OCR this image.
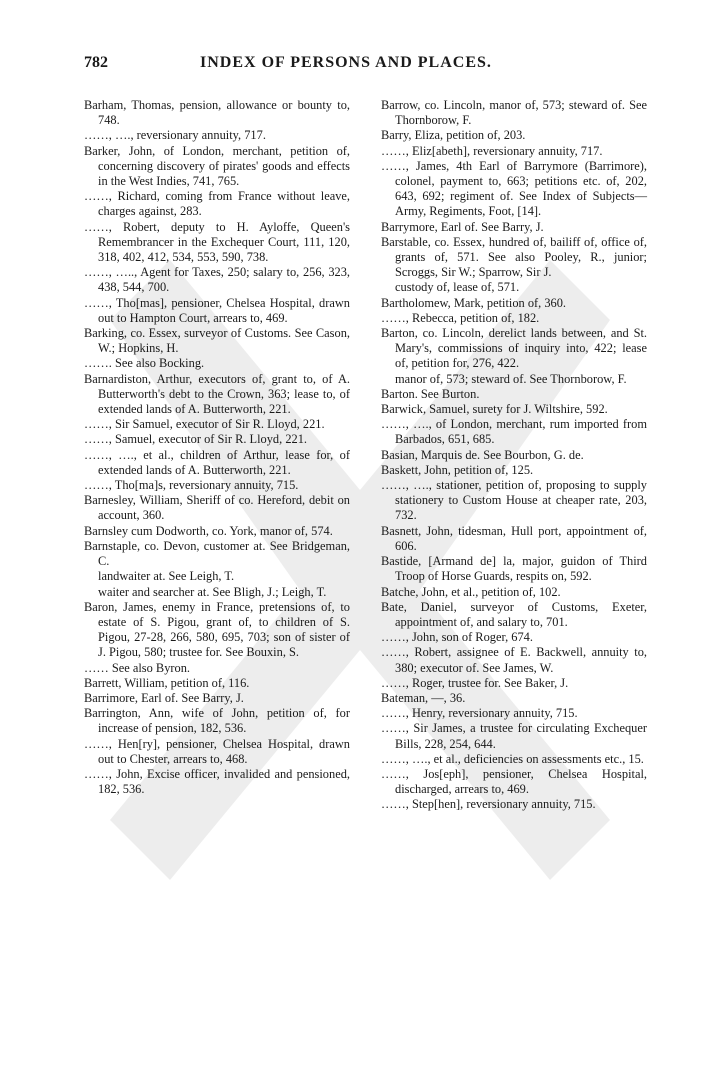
782	INDEX OF PERSONS AND PLACES.

Barham, Thomas, pension, allowance or bounty to, 748.

……, …., reversionary annuity, 717.

Barker, John, of London, merchant, petition of, concerning discovery of pirates' goods and effects in the West Indies, 741, 765.

……, Richard, coming from France without leave, charges against, 283.

……, Robert, deputy to H. Ayloffe, Queen's Remembrancer in the Exchequer Court, 111, 120, 318, 402, 412, 534, 553, 590, 738.

……, ….., Agent for Taxes, 250; salary to, 256, 323, 438, 544, 700.

……, Tho[mas], pensioner, Chelsea Hospital, drawn out to Hampton Court, arrears to, 469.

Barking, co. Essex, surveyor of Customs. See Cason, W.; Hopkins, H.

……. See also Bocking.

Barnardiston, Arthur, executors of, grant to, of A. Butterworth's debt to the Crown, 363; lease to, of extended lands of A. Butterworth, 221.

……, Sir Samuel, executor of Sir R. Lloyd, 221.

……, Samuel, executor of Sir R. Lloyd, 221.

……, …., et al., children of Arthur, lease for, of extended lands of A. Butterworth, 221.

……, Tho[ma]s, reversionary annuity, 715.

Barnesley, William, Sheriff of co. Hereford, debit on account, 360.

Barnsley cum Dodworth, co. York, manor of, 574.

Barnstaple, co. Devon, customer at. See Bridgeman, C.

landwaiter at. See Leigh, T.

waiter and searcher at. See Bligh, J.; Leigh, T.

Baron, James, enemy in France, pretensions of, to estate of S. Pigou, grant of, to children of S. Pigou, 27-28, 266, 580, 695, 703; son of sister of J. Pigou, 580; trustee for. See Bouxin, S.

…… See also Byron.

Barrett, William, petition of, 116.

Barrimore, Earl of. See Barry, J.

Barrington, Ann, wife of John, petition of, for increase of pension, 182, 536.

……, Hen[ry], pensioner, Chelsea Hospital, drawn out to Chester, arrears to, 468.

……, John, Excise officer, invalided and pensioned, 182, 536.

Barrow, co. Lincoln, manor of, 573; steward of. See Thornborow, F.

Barry, Eliza, petition of, 203.

……, Eliz[abeth], reversionary annuity, 717.

……, James, 4th Earl of Barrymore (Barrimore), colonel, payment to, 663; petitions etc. of, 202, 643, 692; regiment of. See Index of Subjects—Army, Regiments, Foot, [14].

Barrymore, Earl of. See Barry, J.

Barstable, co. Essex, hundred of, bailiff of, office of, grants of, 571. See also Pooley, R., junior; Scroggs, Sir W.; Sparrow, Sir J.

custody of, lease of, 571.

Bartholomew, Mark, petition of, 360.

……, Rebecca, petition of, 182.

Barton, co. Lincoln, derelict lands between, and St. Mary's, commissions of inquiry into, 422; lease of, petition for, 276, 422.

manor of, 573; steward of. See Thornborow, F.

Barton. See Burton.

Barwick, Samuel, surety for J. Wiltshire, 592.

……, …., of London, merchant, rum imported from Barbados, 651, 685.

Basian, Marquis de. See Bourbon, G. de.

Baskett, John, petition of, 125.

……, …., stationer, petition of, proposing to supply stationery to Custom House at cheaper rate, 203, 732.

Basnett, John, tidesman, Hull port, appointment of, 606.

Bastide, [Armand de] la, major, guidon of Third Troop of Horse Guards, respits on, 592.

Batche, John, et al., petition of, 102.

Bate, Daniel, surveyor of Customs, Exeter, appointment of, and salary to, 701.

……, John, son of Roger, 674.

……, Robert, assignee of E. Backwell, annuity to, 380; executor of. See James, W.

……, Roger, trustee for. See Baker, J.

Bateman, —, 36.

……, Henry, reversionary annuity, 715.

……, Sir James, a trustee for circulating Exchequer Bills, 228, 254, 644.

……, …., et al., deficiencies on assessments etc., 15.

……, Jos[eph], pensioner, Chelsea Hospital, discharged, arrears to, 469.

……, Step[hen], reversionary annuity, 715.
